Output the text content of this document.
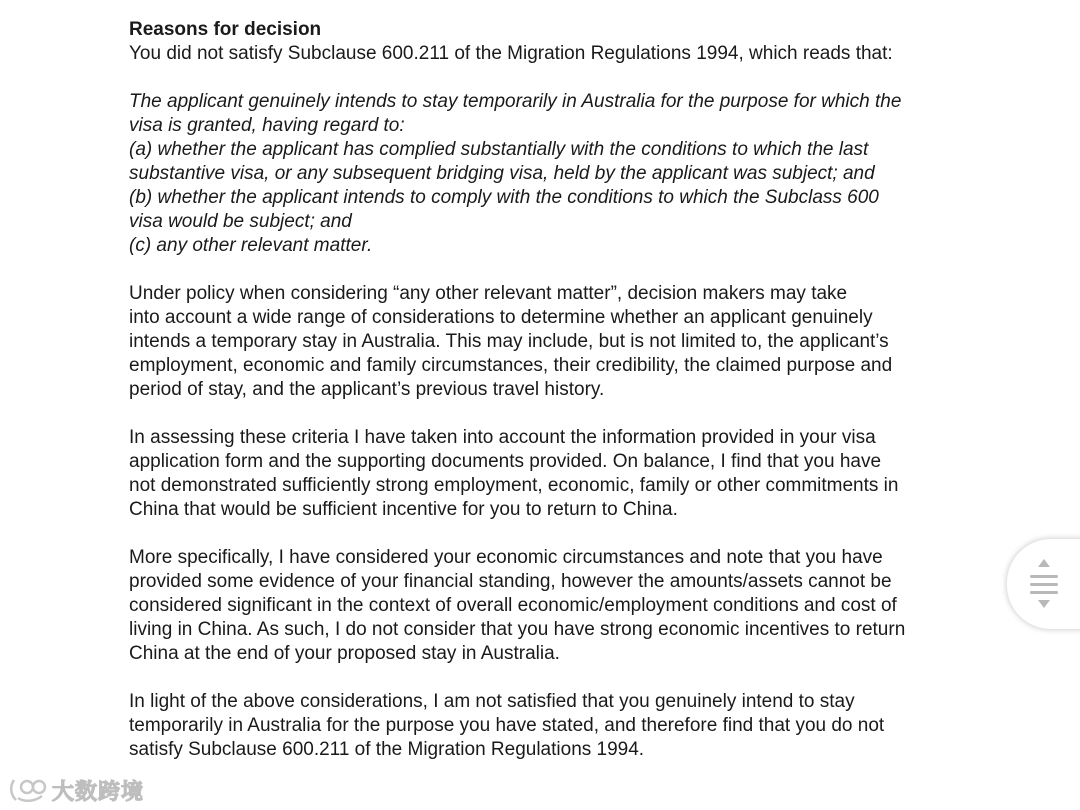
Reasons for decision

You did not satisfy Subclause 600.211 of the Migration Regulations 1994, which reads that:

The applicant genuinely intends to stay temporarily in Australia for the purpose for which the
visa is granted, having regard to:
(a) whether the applicant has complied substantially with the conditions to which the last
substantive visa, or any subsequent bridging visa, held by the applicant was subject; and
(b) whether the applicant intends to comply with the conditions to which the Subclass 600
visa would be subject; and
(c) any other relevant matter.
Under policy when considering “any other relevant matter”, decision makers may take
into account a wide range of considerations to determine whether an applicant genuinely
intends a temporary stay in Australia. This may include, but is not limited to, the applicant’s
employment, economic and family circumstances, their credibility, the claimed purpose and
period of stay, and the applicant’s previous travel history.
In assessing these criteria I have taken into account the information provided in your visa
application form and the supporting documents provided. On balance, I find that you have
not demonstrated sufficiently strong employment, economic, family or other commitments in
China that would be sufficient incentive for you to return to China.
More specifically, I have considered your economic circumstances and note that you have
provided some evidence of your financial standing, however the amounts/assets cannot be
considered significant in the context of overall economic/employment conditions and cost of
living in China. As such, I do not consider that you have strong economic incentives to return
China at the end of your proposed stay in Australia.
In light of the above considerations, I am not satisfied that you genuinely intend to stay
temporarily in Australia for the purpose you have stated, and therefore find that you do not
satisfy Subclause 600.211 of the Migration Regulations 1994.
大数跨境
